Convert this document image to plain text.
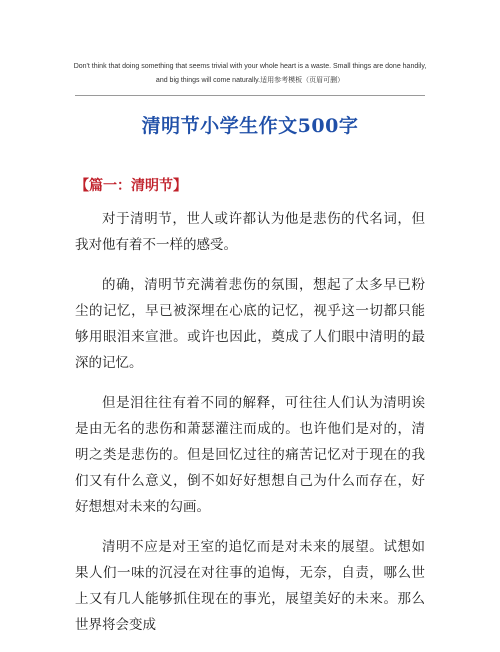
Don't think that doing something that seems trivial with your whole heart is a waste. Small things are done handily, and big things will come naturally.适用参考模板（页眉可删）
清明节小学生作文500字
【篇一：清明节】

对于清明节，世人或许都认为他是悲伤的代名词，但我对他有着不一样的感受。

的确，清明节充满着悲伤的氛围，想起了太多早已粉尘的记忆，早已被深埋在心底的记忆，视乎这一切都只能够用眼泪来宣泄。或许也因此，奠成了人们眼中清明的最深的记忆。

但是泪往往有着不同的解释，可往往人们认为清明诶是由无名的悲伤和萧瑟灌注而成的。也许他们是对的，清明之类是悲伤的。但是回忆过往的痛苦记忆对于现在的我们又有什么意义，倒不如好好想想自己为什么而存在，好好想想对未来的勾画。

清明不应是对王室的追忆而是对未来的展望。试想如果人们一味的沉浸在对往事的追悔，无奈，自责，哪么世上又有几人能够抓住现在的事光，展望美好的未来。那么世界将会变成
